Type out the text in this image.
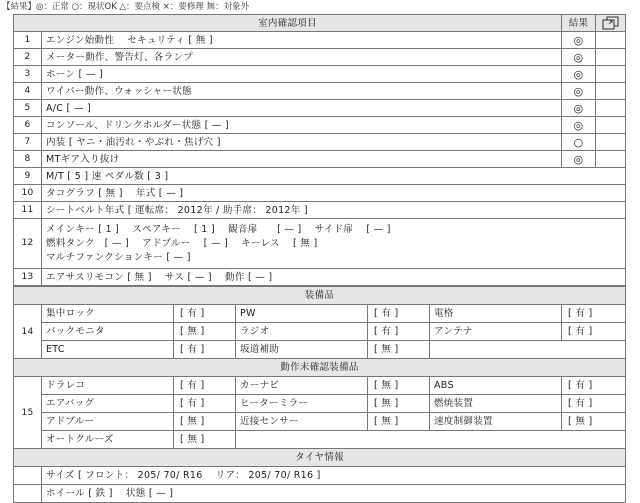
【結果】◎：正常 ○：現状OK △：要点検 ×：要修理 無：対象外
室内確認項目		結果	
1	エンジン始動性　 セキュリティ [ 無 ]	◎	
2	メーター動作、警告灯、各ランプ	◎	
3	ホーン [ — ]	◎	
4	ワイパー動作、ウォッシャー状態	◎	
5	A/C [ — ]	◎	
6	コンソール、ドリンクホルダー状態 [ — ]	◎	
7	内装 [ ヤニ・油汚れ・やぶれ・焦げ穴 ]	○	
8	MTギア入り抜け	◎	
9	M/T [ 5 ] 速 ペダル数 [ 3 ]		
10	タコグラフ [ 無 ]　 年式 [ — ]		
11	シートベルト年式 [ 運転席： 2012年 / 助手席： 2012年 ]		
12	メインキー [ 1 ]　 スペアキー　 [ 1 ]　 観音扉　　[ — ]　 サイド扉　 [ — ]
燃料タンク　[ — ]　 アドブルー　 [ — ]　 キーレス　 [ 無 ]
マルチファンクションキー [ — ]		

13	エアサスリモコン [ 無 ]　 サス [ — ]　 動作 [ — ]		
装備品						
14	集中ロック	[ 有 ]	PW	[ 有 ]	電格	[ 有 ]
	バックモニタ	[ 無 ]	ラジオ	[ 有 ]	アンテナ	[ 有 ]
	ETC	[ 有 ]	坂道補助	[ 無 ]		
動作未確認装備品						
15	ドラレコ	[ 有 ]	カーナビ	[ 無 ]	ABS	[ 有 ]
	エアバッグ	[ 有 ]	ヒーターミラー	[ 無 ]	燃焼装置	[ 有 ]
	アドブルー	[ 無 ]	近接センサー	[ 無 ]	速度制御装置	[ 無 ]
	オートクルーズ	[ 無 ]				
タイヤ情報						
	サイズ [ フロント： 205/ 70/ R16　 リア： 205/ 70/ R16 ]					
	ホイール [ 鉄 ]　 状態 [ — ]					
